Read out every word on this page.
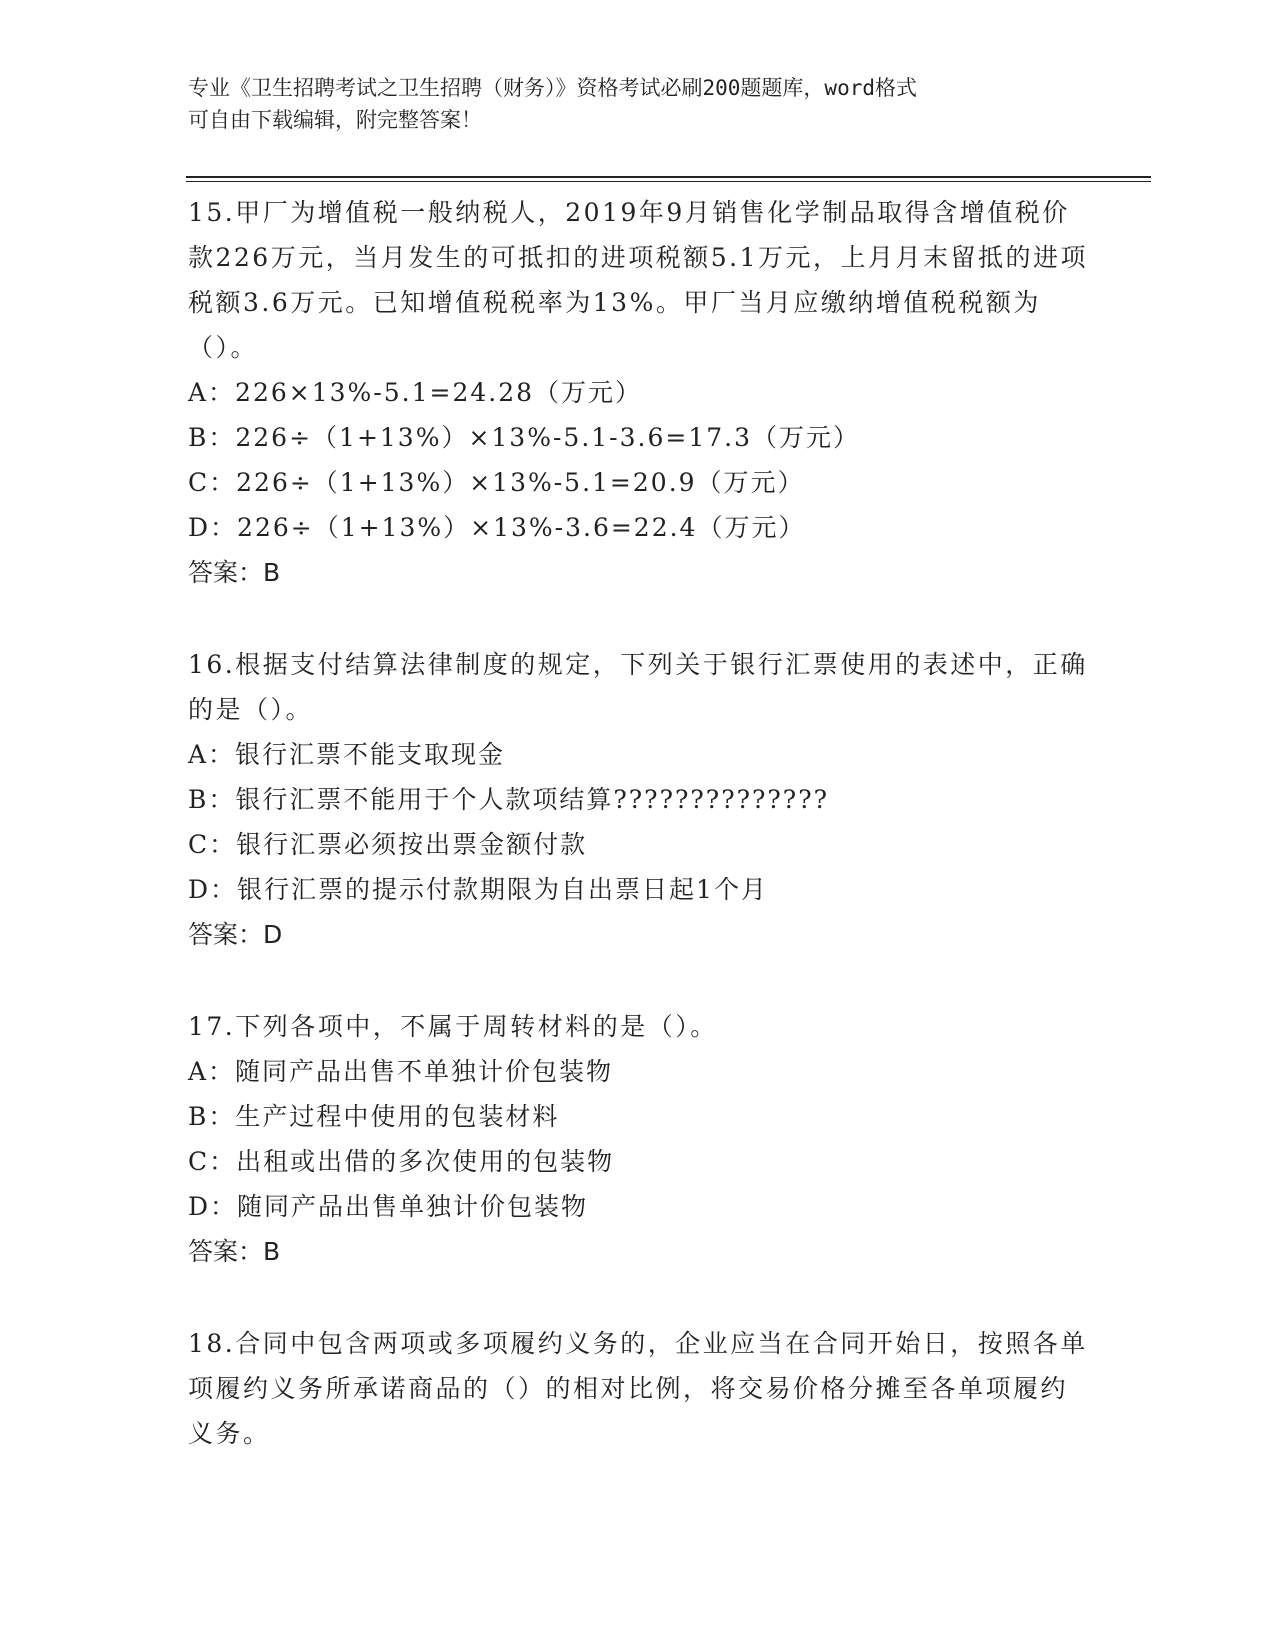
专业《卫生招聘考试之卫生招聘（财务）》资格考试必刷200题题库，word格式
可自由下载编辑，附完整答案！

15.甲厂为增值税一般纳税人，2019年9月销售化学制品取得含增值税价款226万元，当月发生的可抵扣的进项税额5.1万元，上月月末留抵的进项税额3.6万元。已知增值税税率为13%。甲厂当月应缴纳增值税税额为（）。

A：226×13%-5.1=24.28（万元）

B：226÷（1+13%）×13%-5.1-3.6=17.3（万元）

C：226÷（1+13%）×13%-5.1=20.9（万元）

D：226÷（1+13%）×13%-3.6=22.4（万元）

答案：B

16.根据支付结算法律制度的规定，下列关于银行汇票使用的表述中，正确的是（）。

A：银行汇票不能支取现金

B：银行汇票不能用于个人款项结算??????????????

C：银行汇票必须按出票金额付款

D：银行汇票的提示付款期限为自出票日起1个月

答案：D

17.下列各项中，不属于周转材料的是（）。

A：随同产品出售不单独计价包装物

B：生产过程中使用的包装材料

C：出租或出借的多次使用的包装物

D：随同产品出售单独计价包装物

答案：B

18.合同中包含两项或多项履约义务的，企业应当在合同开始日，按照各单项履约义务所承诺商品的（）的相对比例，将交易价格分摊至各单项履约义务。
